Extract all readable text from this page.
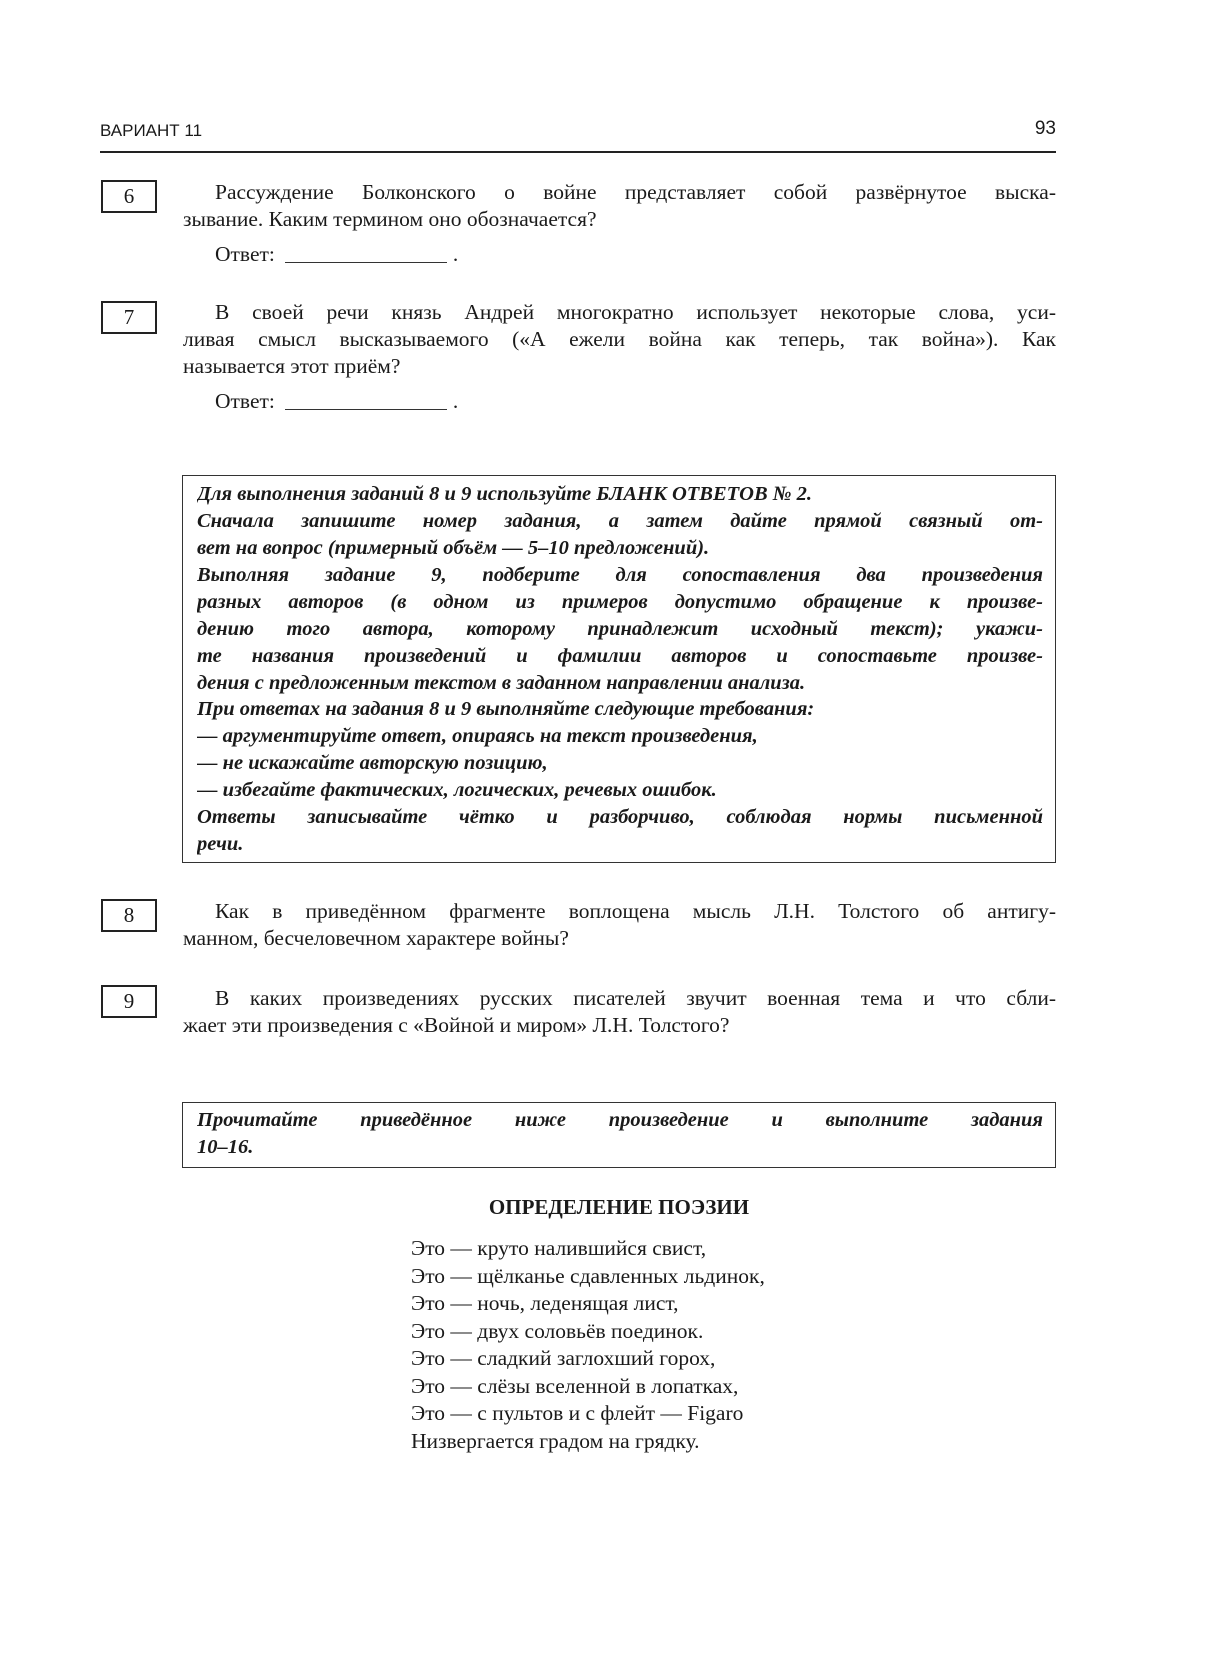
ВАРИАНТ 11	93
6	Рассуждение Болконского о войне представляет собой развёрнутое выска-
зывание. Каким термином оно обозначается?
Ответ:	.
7	В своей речи князь Андрей многократно использует некоторые слова, уси-
ливая смысл высказываемого («А ежели война как теперь, так война»). Как
называется этот приём?
Ответ:	.
Для выполнения заданий 8 и 9 используйте БЛАНК ОТВЕТОВ № 2.
Сначала запишите номер задания, а затем дайте прямой связный от-
вет на вопрос (примерный объём — 5–10 предложений).
Выполняя задание 9, подберите для сопоставления два произведения
разных авторов (в одном из примеров допустимо обращение к произве-
дению того автора, которому принадлежит исходный текст); укажи-
те названия произведений и фамилии авторов и сопоставьте произве-
дения с предложенным текстом в заданном направлении анализа.
При ответах на задания 8 и 9 выполняйте следующие требования:
— аргументируйте ответ, опираясь на текст произведения,
— не искажайте авторскую позицию,
— избегайте фактических, логических, речевых ошибок.
Ответы записывайте чётко и разборчиво, соблюдая нормы письменной
речи.
8	Как в приведённом фрагменте воплощена мысль Л.Н. Толстого об антигу-
манном, бесчеловечном характере войны?
9	В каких произведениях русских писателей звучит военная тема и что сбли-
жает эти произведения с «Войной и миром» Л.Н. Толстого?
Прочитайте приведённое ниже произведение и выполните задания
10–16.
ОПРЕДЕЛЕНИЕ ПОЭЗИИ
Это — круто налившийся свист,
Это — щёлканье сдавленных льдинок,
Это — ночь, леденящая лист,
Это — двух соловьёв поединок.
Это — сладкий заглохший горох,
Это — слёзы вселенной в лопатках,
Это — с пультов и с флейт — Figaro
Низвергается градом на грядку.
